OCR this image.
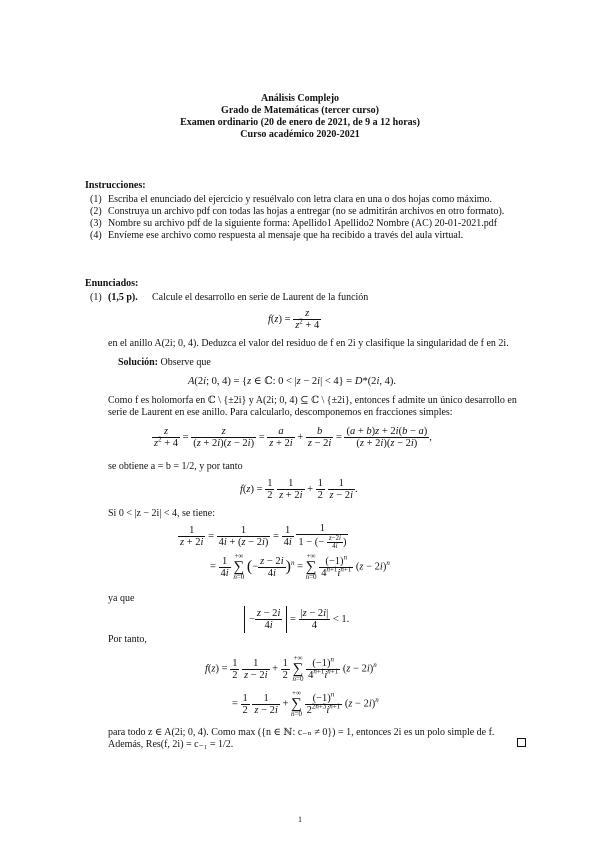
Análisis Complejo
Grado de Matemáticas (tercer curso)
Examen ordinario (20 de enero de 2021, de 9 a 12 horas)
Curso académico 2020-2021
Instrucciones:
(1) Escriba el enunciado del ejercicio y resuélvalo con letra clara en una o dos hojas como máximo.
(2) Construya un archivo pdf con todas las hojas a entregar (no se admitirán archivos en otro formato).
(3) Nombre su archivo pdf de la siguiente forma: Apellido1 Apellido2 Nombre (AC) 20-01-2021.pdf
(4) Envíeme ese archivo como respuesta al mensaje que ha recibido a través del aula virtual.
Enunciados:
(1) (1,5 p). Calcule el desarrollo en serie de Laurent de la función
$f(z) = \frac{z}{z^2 + 4}$
en el anillo A(2i; 0, 4). Deduzca el valor del residuo de f en 2i y clasifique la singularidad de f en 2i.
Solución: Observe que
A(2i; 0, 4) = {z ∈ ℂ: 0 < |z − 2i| < 4} = D*(2i, 4).
Como f es holomorfa en ℂ \ {±2i} y A(2i; 0, 4) ⊆ ℂ \ {±2i}, entonces f admite un único desarrollo en
serie de Laurent en ese anillo. Para calcularlo, descomponemos en fracciones simples:
$\frac{z}{z^2 + 4} = \frac{z}{(z + 2i)(z - 2i)} = \frac{a}{z + 2i} + \frac{b}{z - 2i} = \frac{(a + b)z + 2i(b - a)}{(z + 2i)(z - 2i)}$ ,
se obtiene a = b = 1/2, y por tanto
$f(z) = \frac{1}{2}$
$\frac{1}{z + 2i} + \frac{1}{2}$
$\frac{1}{z - 2i}$ .
Si 0 < |z − 2i| < 4, se tiene:
$\frac{1}{z + 2i} = \frac{1}{4i + (z - 2i)} = \frac{1}{4i}$
$\frac{1}{1 - (- \frac{z-2i}{4i} )}$
= $\frac{1}{4i}$ +∞
∑
n=0 (− $\frac{z - 2i}{4i} )^n$ = +∞
∑
$n=0 \frac{(-1)^n}{4^{n+1}i^{n+1}} (z - 2i)^n$
ya que
− $\frac{z - 2i}{4i} = \frac{|z - 2i|}{4} < 1$.
Por tanto,
$f(z) = \frac{1}{2}$
$\frac{1}{z - 2i} + \frac{1}{2}$ +∞
∑
$n=0 \frac{(-1)^n}{4^{n+1}i^{n+1}} (z - 2i)^n$
= $\frac{1}{2}$
$\frac{1}{z - 2i}$ + +∞
∑
$n=0 \frac{(-1)^n}{2^{2n+3}i^{n+1}} (z - 2i)^n$
para todo z ∈ A(2i; 0, 4). Como max ({n ∈ ℕ: c₋ₙ ≠ 0}) = 1, entonces 2i es un polo simple de f.
Además, Res(f, 2i) = c₋₁ = 1/2.
1
